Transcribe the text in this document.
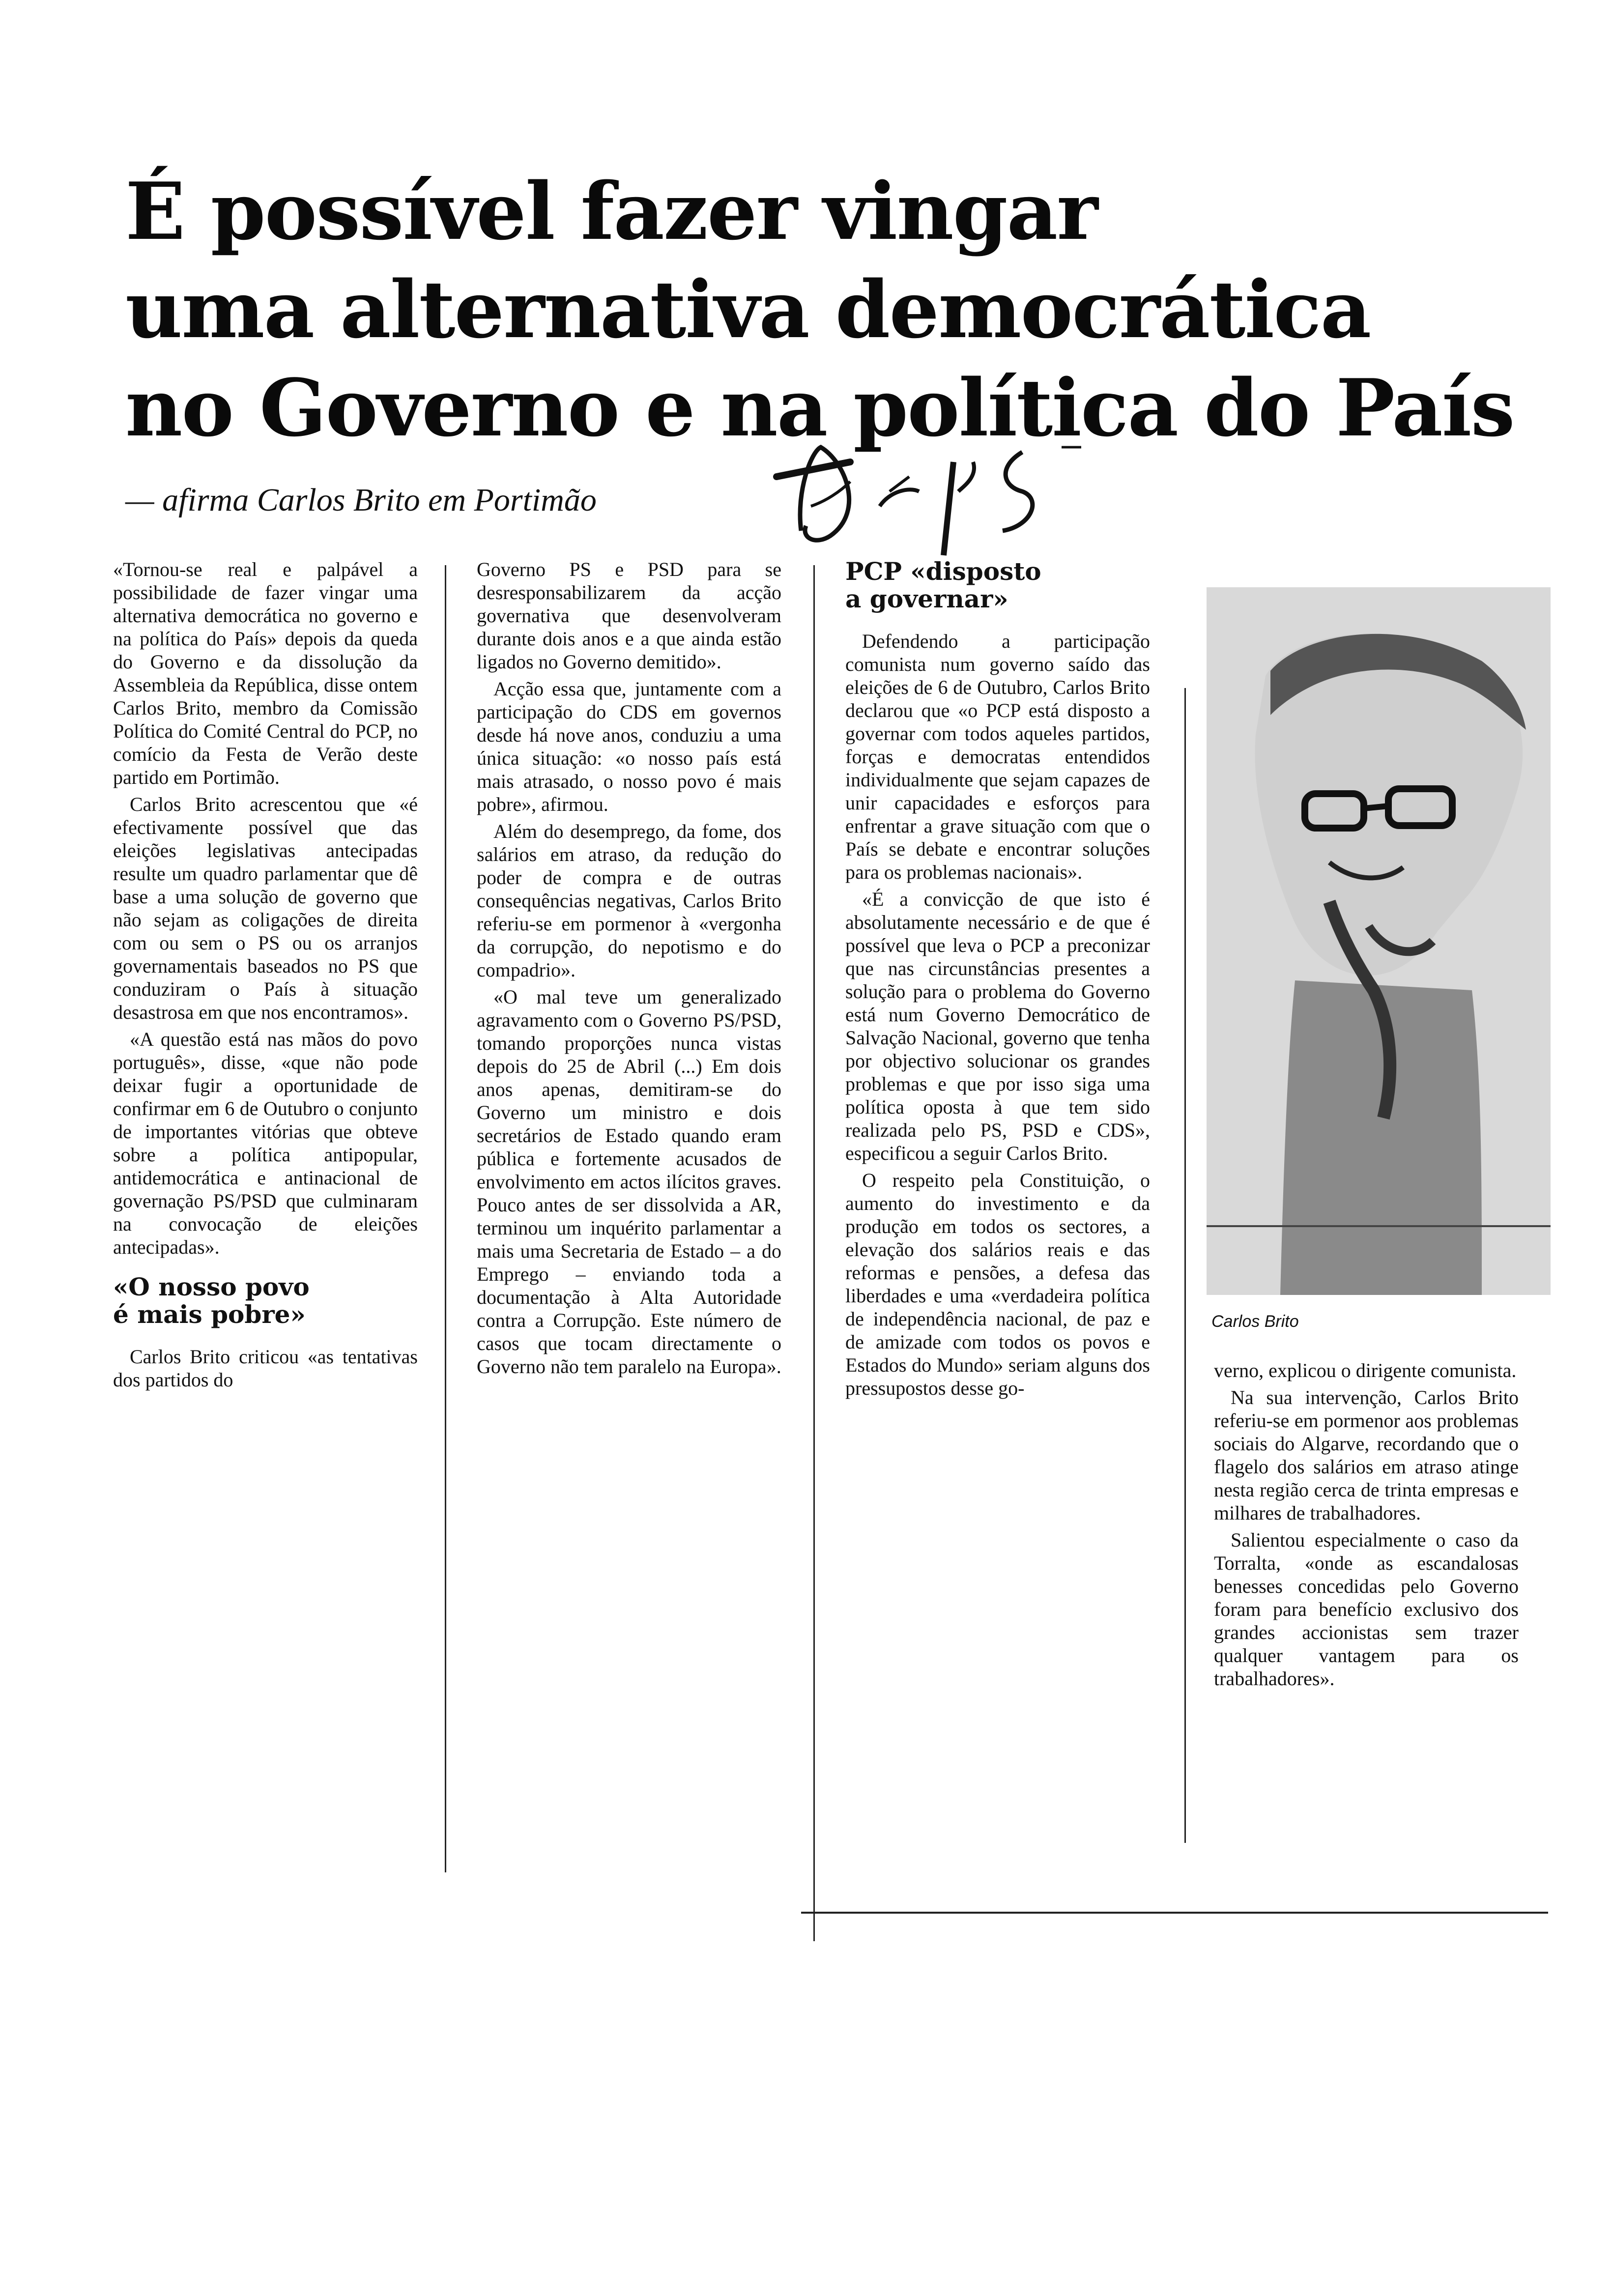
É possível fazer vingar
uma alternativa democrática
no Governo e na política do País
— afirma Carlos Brito em Portimão

«Tornou-se real e palpável a possibilidade de fazer vingar uma alternativa democrática no governo e na política do País» depois da queda do Governo e da dissolução da Assembleia da República, disse ontem Carlos Brito, membro da Comissão Política do Comité Central do PCP, no comício da Festa de Verão deste partido em Portimão.

Carlos Brito acrescentou que «é efectivamente possível que das eleições legislativas antecipadas resulte um quadro parlamentar que dê base a uma solução de governo que não sejam as coligações de direita com ou sem o PS ou os arranjos governamentais baseados no PS que conduziram o País à situação desastrosa em que nos encontramos».

«A questão está nas mãos do povo português», disse, «que não pode deixar fugir a oportunidade de confirmar em 6 de Outubro o conjunto de importantes vitórias que obteve sobre a política antipopular, antidemocrática e antinacional de governação PS/PSD que culminaram na convocação de eleições antecipadas».

«O nosso povo
é mais pobre»

Carlos Brito criticou «as tentativas dos partidos do

Governo PS e PSD para se desresponsabilizarem da acção governativa que desenvolveram durante dois anos e a que ainda estão ligados no Governo demitido».

Acção essa que, juntamente com a participação do CDS em governos desde há nove anos, conduziu a uma única situação: «o nosso país está mais atrasado, o nosso povo é mais pobre», afirmou.

Além do desemprego, da fome, dos salários em atraso, da redução do poder de compra e de outras consequências negativas, Carlos Brito referiu-se em pormenor à «vergonha da corrupção, do nepotismo e do compadrio».

«O mal teve um generalizado agravamento com o Governo PS/PSD, tomando proporções nunca vistas depois do 25 de Abril (...) Em dois anos apenas, demitiram-se do Governo um ministro e dois secretários de Estado quando eram pública e fortemente acusados de envolvimento em actos ilícitos graves. Pouco antes de ser dissolvida a AR, terminou um inquérito parlamentar a mais uma Secretaria de Estado – a do Emprego – enviando toda a documentação à Alta Autoridade contra a Corrupção. Este número de casos que tocam directamente o Governo não tem paralelo na Europa».

PCP «disposto
a governar»

Defendendo a participação comunista num governo saído das eleições de 6 de Outubro, Carlos Brito declarou que «o PCP está disposto a governar com todos aqueles partidos, forças e democratas entendidos individualmente que sejam capazes de unir capacidades e esforços para enfrentar a grave situação com que o País se debate e encontrar soluções para os problemas nacionais».

«É a convicção de que isto é absolutamente necessário e de que é possível que leva o PCP a preconizar que nas circunstâncias presentes a solução para o problema do Governo está num Governo Democrático de Salvação Nacional, governo que tenha por objectivo solucionar os grandes problemas e que por isso siga uma política oposta à que tem sido realizada pelo PS, PSD e CDS», especificou a seguir Carlos Brito.

O respeito pela Constituição, o aumento do investimento e da produção em todos os sectores, a elevação dos salários reais e das reformas e pensões, a defesa das liberdades e uma «verdadeira política de independência nacional, de paz e de amizade com todos os povos e Estados do Mundo» seriam alguns dos pressupostos desse go-

Carlos Brito

verno, explicou o dirigente comunista.

Na sua intervenção, Carlos Brito referiu-se em pormenor aos problemas sociais do Algarve, recordando que o flagelo dos salários em atraso atinge nesta região cerca de trinta empresas e milhares de trabalhadores.

Salientou especialmente o caso da Torralta, «onde as escandalosas benesses concedidas pelo Governo foram para benefício exclusivo dos grandes accionistas sem trazer qualquer vantagem para os trabalhadores».
